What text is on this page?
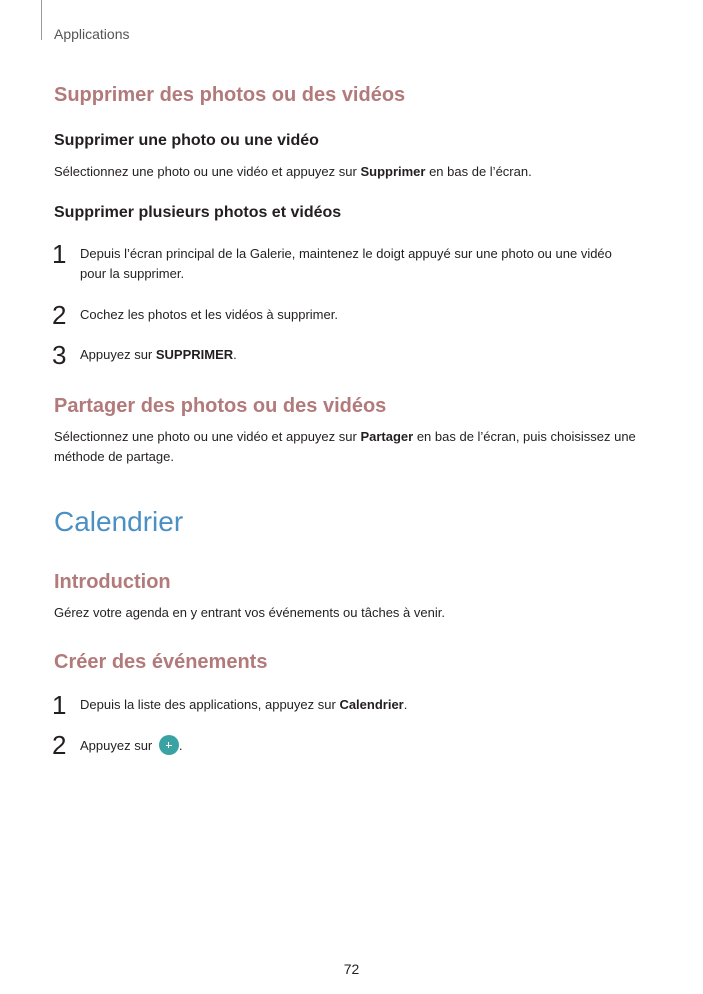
Applications
Supprimer des photos ou des vidéos
Supprimer une photo ou une vidéo
Sélectionnez une photo ou une vidéo et appuyez sur Supprimer en bas de l’écran.
Supprimer plusieurs photos et vidéos
1 Depuis l’écran principal de la Galerie, maintenez le doigt appuyé sur une photo ou une vidéo pour la supprimer.
2 Cochez les photos et les vidéos à supprimer.
3 Appuyez sur SUPPRIMER.
Partager des photos ou des vidéos
Sélectionnez une photo ou une vidéo et appuyez sur Partager en bas de l’écran, puis choisissez une méthode de partage.
Calendrier
Introduction
Gérez votre agenda en y entrant vos événements ou tâches à venir.
Créer des événements
1 Depuis la liste des applications, appuyez sur Calendrier.
2 Appuyez sur .
72
